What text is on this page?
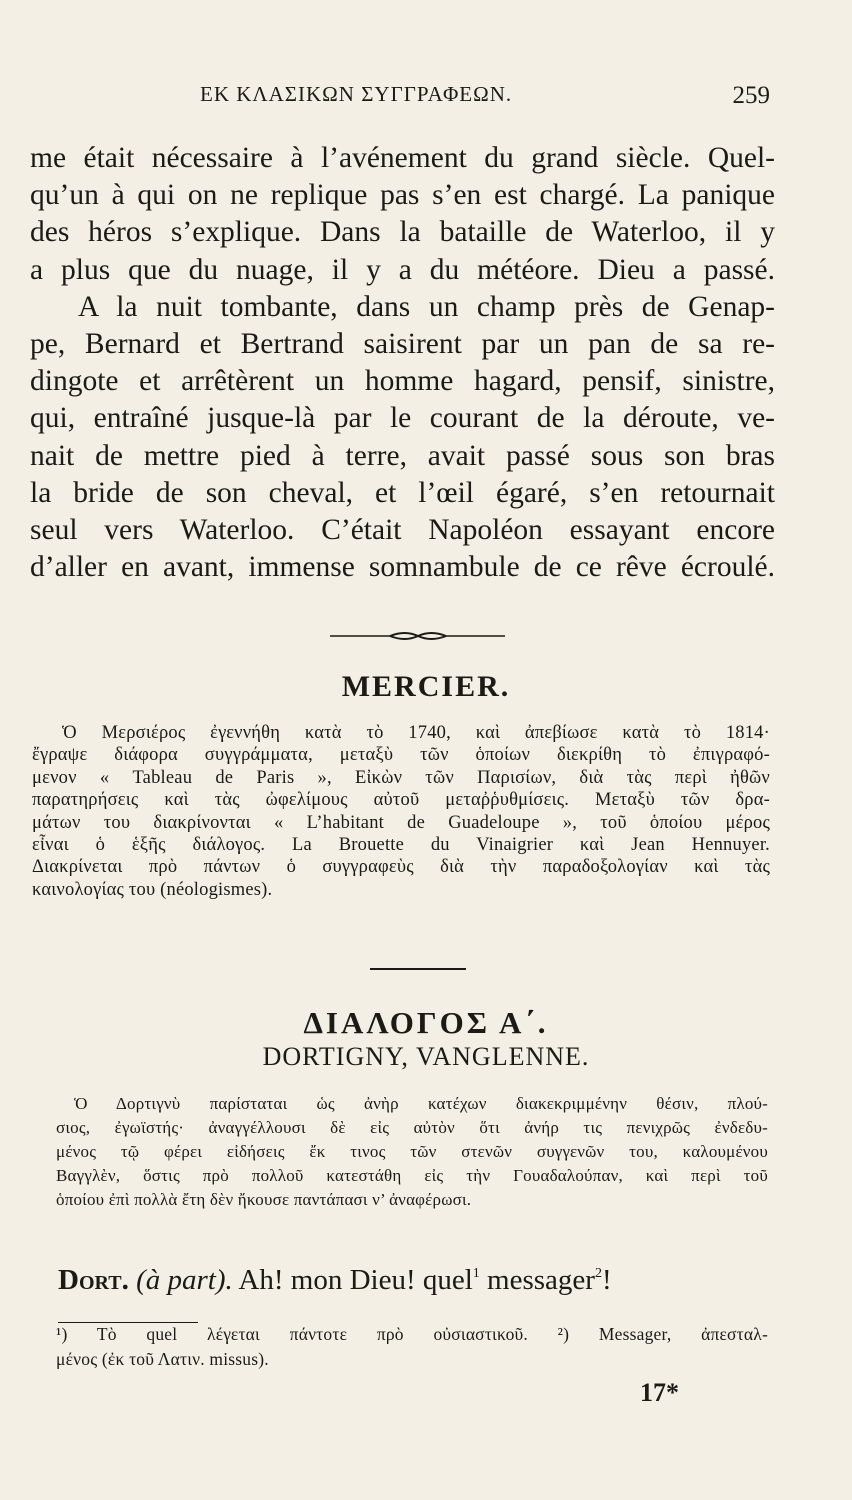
ΕΚ ΚΛΑΣΙΚΩΝ ΣΥΓΓΡΑΦΕΩΝ.	259
me était nécessaire à l’avénement du grand siècle. Quel-
qu’un à qui on ne replique pas s’en est chargé. La panique
des héros s’explique. Dans la bataille de Waterloo, il y
a plus que du nuage, il y a du météore. Dieu a passé.
A la nuit tombante, dans un champ près de Genap-
pe, Bernard et Bertrand saisirent par un pan de sa re-
dingote et arrêtèrent un homme hagard, pensif, sinistre,
qui, entraîné jusque-là par le courant de la déroute, ve-
nait de mettre pied à terre, avait passé sous son bras
la bride de son cheval, et l’œil égaré, s’en retournait
seul vers Waterloo. C’était Napoléon essayant encore
d’aller en avant, immense somnambule de ce rêve écroulé.
MERCIER.
Ὁ Μερσιέρος ἐγεννήθη κατὰ τὸ 1740, καὶ ἀπεβίωσε κατὰ τὸ 1814·
ἔγραψε διάφορα συγγράμματα, μεταξὺ τῶν ὁποίων διεκρίθη τὸ ἐπιγραφό-
μενον « Tableau de Paris », Εἰκὼν τῶν Παρισίων, διὰ τὰς περὶ ἠθῶν
παρατηρήσεις καὶ τὰς ὠφελίμους αὐτοῦ μεταῤῥυθμίσεις. Μεταξὺ τῶν δρα-
μάτων του διακρίνονται « L’habitant de Guadeloupe », τοῦ ὁποίου μέρος
εἶναι ὁ ἑξῆς διάλογος. La Brouette du Vinaigrier καὶ Jean Hennuyer.
Διακρίνεται πρὸ πάντων ὁ συγγραφεὺς διὰ τὴν παραδοξολογίαν καὶ τὰς
καινολογίας του (néologismes).
ΔΙΑΛΟΓΟΣ Α΄.
DORTIGNY, VANGLENNE.
Ὁ Δορτιγνὺ παρίσταται ὡς ἀνὴρ κατέχων διακεκριμμένην θέσιν, πλού-
σιος, ἐγωϊστής· ἀναγγέλλουσι δὲ εἰς αὐτὸν ὅτι ἀνήρ τις πενιχρῶς ἐνδεδυ-
μένος τῷ φέρει εἰδήσεις ἔκ τινος τῶν στενῶν συγγενῶν του, καλουμένου
Βαγγλὲν, ὅστις πρὸ πολλοῦ κατεστάθη εἰς τὴν Γουαδαλούπαν, καὶ περὶ τοῦ
ὁποίου ἐπὶ πολλὰ ἔτη δὲν ἤκουσε παντάπασι ν’ ἀναφέρωσι.
Dort. (à part). Ah! mon Dieu! quel$^1$ messager$^2$!
¹) Τὸ quel λέγεται πάντοτε πρὸ οὐσιαστικοῦ. ²) Messager, ἀπεσταλ-
μένος (ἐκ τοῦ Λατιν. missus).
17*
